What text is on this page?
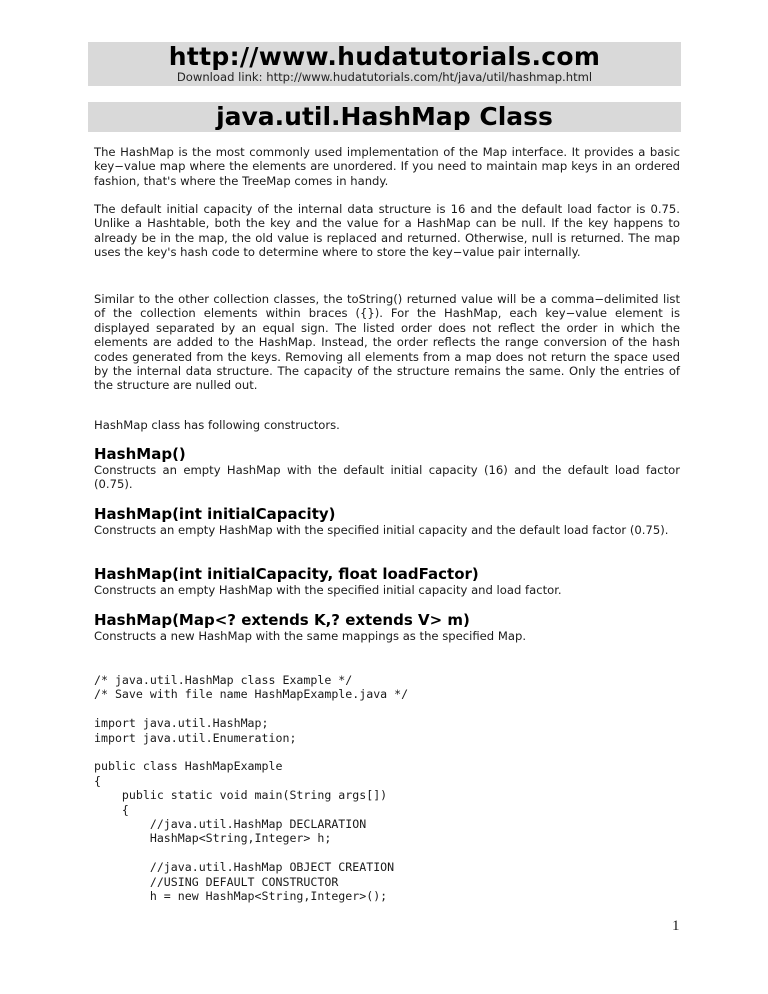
http://www.hudatutorials.com
Download link: http://www.hudatutorials.com/ht/java/util/hashmap.html
java.util.HashMap Class

The HashMap is the most commonly used implementation of the Map interface. It provides a basic key−value map where the elements are unordered. If you need to maintain map keys in an ordered fashion, that's where the TreeMap comes in handy.

The default initial capacity of the internal data structure is 16 and the default load factor is 0.75. Unlike a Hashtable, both the key and the value for a HashMap can be null. If the key happens to already be in the map, the old value is replaced and returned. Otherwise, null is returned. The map uses the key's hash code to determine where to store the key−value pair internally.

Similar to the other collection classes, the toString() returned value will be a comma−delimited list of the collection elements within braces ({}). For the HashMap, each key−value element is displayed separated by an equal sign. The listed order does not reflect the order in which the elements are added to the HashMap. Instead, the order reflects the range conversion of the hash codes generated from the keys. Removing all elements from a map does not return the space used by the internal data structure. The capacity of the structure remains the same. Only the entries of the structure are nulled out.

HashMap class has following constructors.

HashMap()

Constructs an empty HashMap with the default initial capacity (16) and the default load factor (0.75).

HashMap(int initialCapacity)

Constructs an empty HashMap with the specified initial capacity and the default load factor (0.75).

HashMap(int initialCapacity, float loadFactor)

Constructs an empty HashMap with the specified initial capacity and load factor.

HashMap(Map<? extends K,? extends V> m)

Constructs a new HashMap with the same mappings as the specified Map.

/* java.util.HashMap class Example */
/* Save with file name HashMapExample.java */

import java.util.HashMap;
import java.util.Enumeration;

public class HashMapExample
{
public static void main(String args[])
{
//java.util.HashMap DECLARATION
HashMap<String,Integer> h;

//java.util.HashMap OBJECT CREATION
//USING DEFAULT CONSTRUCTOR
h = new HashMap<String,Integer>();
1
